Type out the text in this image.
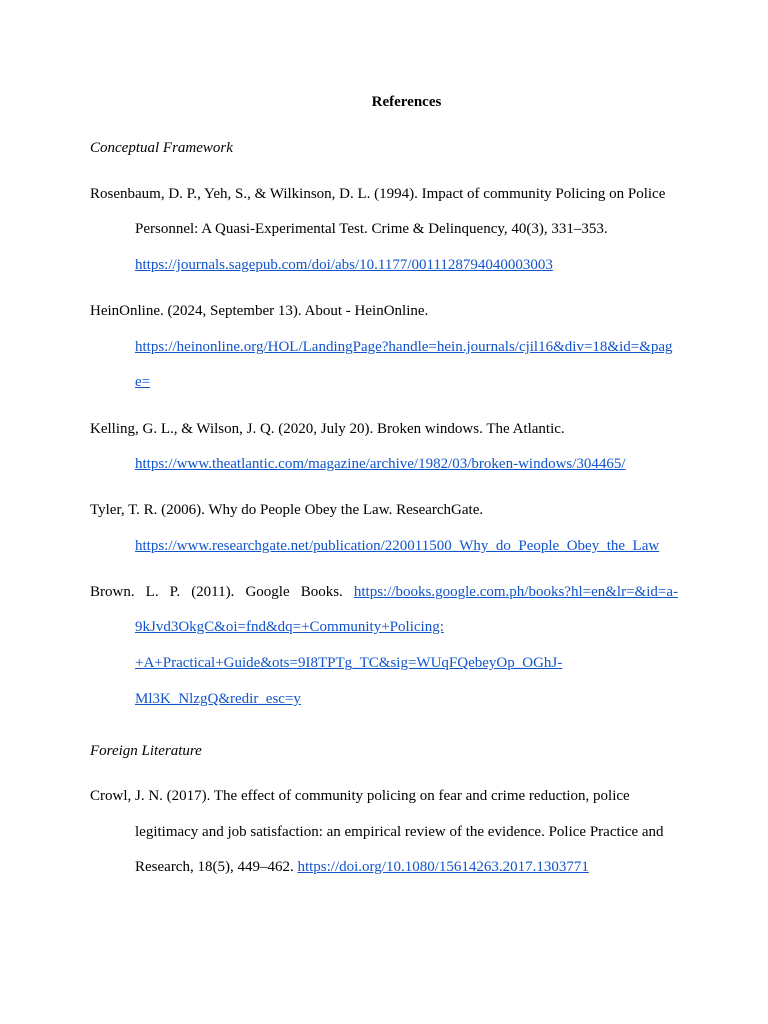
References
Conceptual Framework
Rosenbaum, D. P., Yeh, S., & Wilkinson, D. L. (1994). Impact of community Policing on Police
Personnel: A Quasi-Experimental Test. Crime & Delinquency, 40(3), 331–353.
https://journals.sagepub.com/doi/abs/10.1177/0011128794040003003
HeinOnline. (2024, September 13). About - HeinOnline.
https://heinonline.org/HOL/LandingPage?handle=hein.journals/cjil16&div=18&id=&pag
e=
Kelling, G. L., & Wilson, J. Q. (2020, July 20). Broken windows. The Atlantic.
https://www.theatlantic.com/magazine/archive/1982/03/broken-windows/304465/
Tyler, T. R. (2006). Why do People Obey the Law. ResearchGate.
https://www.researchgate.net/publication/220011500_Why_do_People_Obey_the_Law
Brown. L. P. (2011). Google Books. https://books.google.com.ph/books?hl=en&lr=&id=a-
9kJvd3OkgC&oi=fnd&dq=+Community+Policing:
+A+Practical+Guide&ots=9I8TPTg_TC&sig=WUqFQebeyOp_OGhJ-
Ml3K_NlzgQ&redir_esc=y
Foreign Literature
Crowl, J. N. (2017). The effect of community policing on fear and crime reduction, police
legitimacy and job satisfaction: an empirical review of the evidence. Police Practice and
Research, 18(5), 449–462. https://doi.org/10.1080/15614263.2017.1303771
